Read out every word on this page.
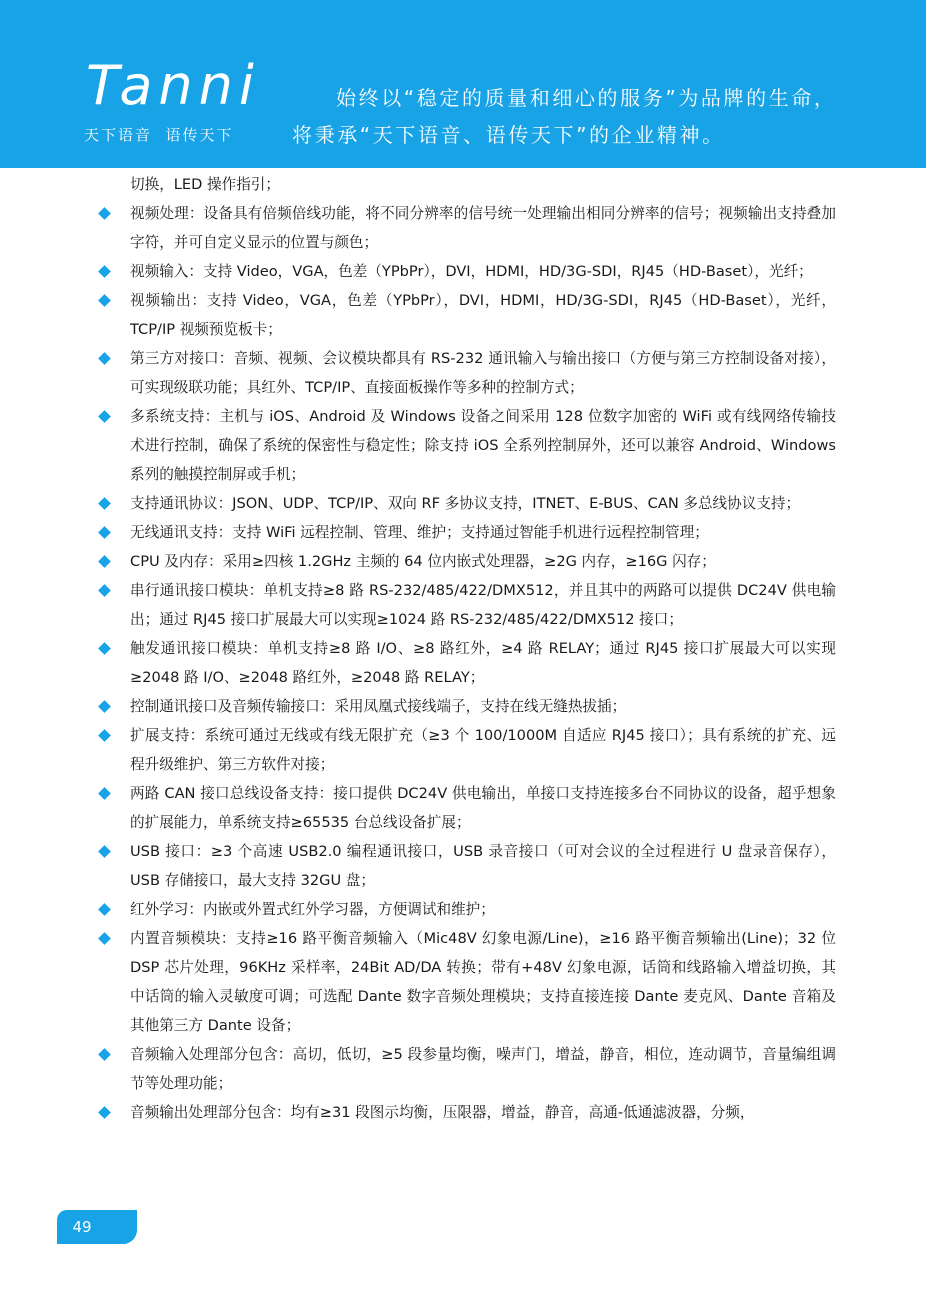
Tanni
天下语音  语传天下
始终以“稳定的质量和细心的服务”为品牌的生命，
将秉承“天下语音、语传天下”的企业精神。
切换，LED 操作指引；
视频处理：设备具有倍频倍线功能，将不同分辨率的信号统一处理输出相同分辨率的信号；视频输出支持叠加字符，并可自定义显示的位置与颜色；
视频输入：支持 Video，VGA，色差（YPbPr），DVI，HDMI，HD/3G-SDI，RJ45（HD-Baset），光纤；
视频输出：支持 Video，VGA，色差（YPbPr），DVI，HDMI，HD/3G-SDI，RJ45（HD-Baset），光纤，TCP/IP 视频预览板卡；
第三方对接口：音频、视频、会议模块都具有 RS-232 通讯输入与输出接口（方便与第三方控制设备对接），可实现级联功能；具红外、TCP/IP、直接面板操作等多种的控制方式；
多系统支持：主机与 iOS、Android 及 Windows 设备之间采用 128 位数字加密的 WiFi 或有线网络传输技术进行控制，确保了系统的保密性与稳定性；除支持 iOS 全系列控制屏外，还可以兼容 Android、Windows 系列的触摸控制屏或手机；
支持通讯协议：JSON、UDP、TCP/IP、双向 RF 多协议支持，ITNET、E-BUS、CAN 多总线协议支持；
无线通讯支持：支持 WiFi 远程控制、管理、维护；支持通过智能手机进行远程控制管理；
CPU 及内存：采用≥四核 1.2GHz 主频的 64 位内嵌式处理器，≥2G 内存，≥16G 闪存；
串行通讯接口模块：单机支持≥8 路 RS-232/485/422/DMX512，并且其中的两路可以提供 DC24V 供电输出；通过 RJ45 接口扩展最大可以实现≥1024 路 RS-232/485/422/DMX512 接口；
触发通讯接口模块：单机支持≥8 路 I/O、≥8 路红外，≥4 路 RELAY；通过 RJ45 接口扩展最大可以实现≥2048 路 I/O、≥2048 路红外，≥2048 路 RELAY；
控制通讯接口及音频传输接口：采用凤凰式接线端子，支持在线无缝热拔插；
扩展支持：系统可通过无线或有线无限扩充（≥3 个 100/1000M 自适应 RJ45 接口）；具有系统的扩充、远程升级维护、第三方软件对接；
两路 CAN 接口总线设备支持：接口提供 DC24V 供电输出，单接口支持连接多台不同协议的设备，超乎想象的扩展能力，单系统支持≥65535 台总线设备扩展；
USB 接口：≥3 个高速 USB2.0 编程通讯接口，USB 录音接口（可对会议的全过程进行 U 盘录音保存），USB 存储接口，最大支持 32GU 盘；
红外学习：内嵌或外置式红外学习器，方便调试和维护；
内置音频模块：支持≥16 路平衡音频输入（Mic48V 幻象电源/Line)，≥16 路平衡音频输出(Line)；32 位 DSP 芯片处理，96KHz 采样率，24Bit AD/DA 转换；带有+48V 幻象电源，话筒和线路输入增益切换，其中话筒的输入灵敏度可调；可选配 Dante 数字音频处理模块；支持直接连接 Dante 麦克风、Dante 音箱及其他第三方 Dante 设备；
音频输入处理部分包含：高切，低切，≥5 段参量均衡，噪声门，增益，静音，相位，连动调节，音量编组调节等处理功能；
音频输出处理部分包含：均有≥31 段图示均衡，压限器，增益，静音，高通-低通滤波器，分频，
49
